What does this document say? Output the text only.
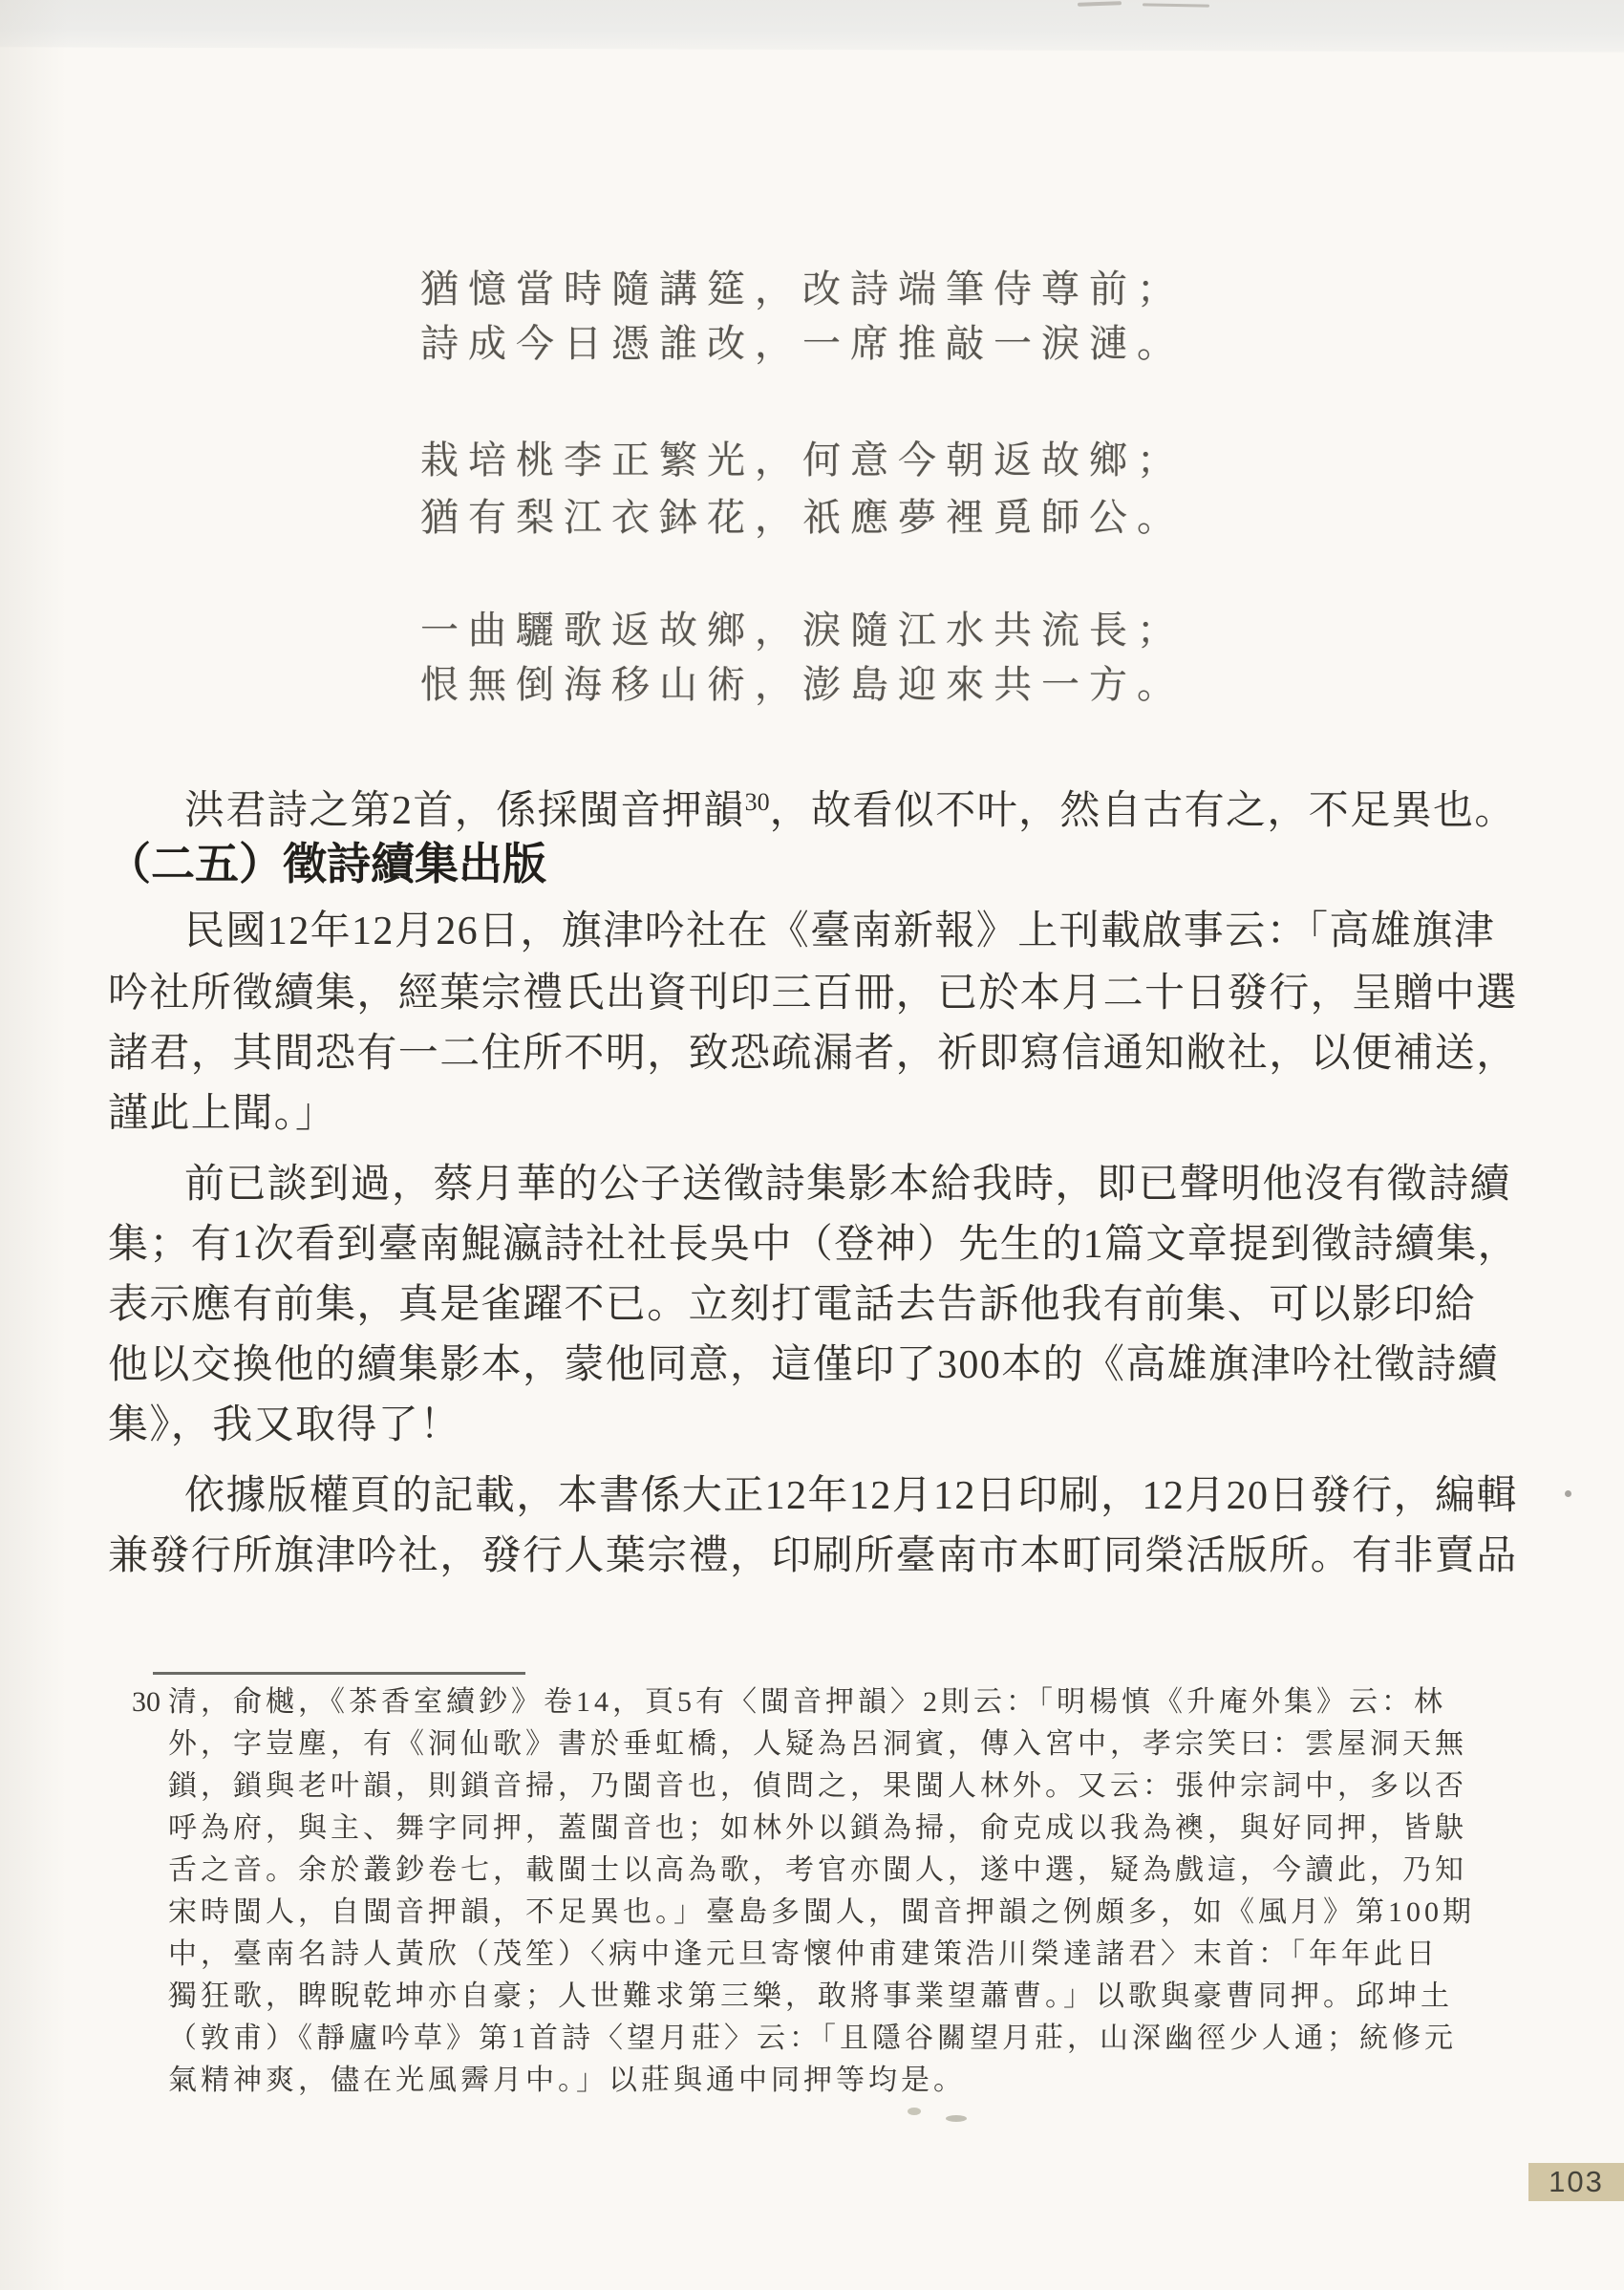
猶憶當時隨講筵，改詩端筆侍尊前；
詩成今日憑誰改，一席推敲一淚漣。
栽培桃李正繁光，何意今朝返故鄉；
猶有梨江衣鉢花，祇應夢裡覓師公。
一曲驪歌返故鄉，淚隨江水共流長；
恨無倒海移山術，澎島迎來共一方。
洪君詩之第2首，係採閩音押韻$^{30}$，故看似不叶，然自古有之，不足異也。
（二五）徵詩續集出版
民國12年12月26日，旗津吟社在《臺南新報》上刊載啟事云：「高雄旗津
吟社所徵續集，經葉宗禮氏出資刊印三百冊，已於本月二十日發行，呈贈中選
諸君，其間恐有一二住所不明，致恐疏漏者，祈即寫信通知敝社，以便補送，
謹此上聞。」
前已談到過，蔡月華的公子送徵詩集影本給我時，即已聲明他沒有徵詩續
集；有1次看到臺南鯤瀛詩社社長吳中（登神）先生的1篇文章提到徵詩續集，
表示應有前集，真是雀躍不已。立刻打電話去告訴他我有前集、可以影印給
他以交換他的續集影本，蒙他同意，這僅印了300本的《高雄旗津吟社徵詩續
集》，我又取得了！
依據版權頁的記載，本書係大正12年12月12日印刷，12月20日發行，編輯
兼發行所旗津吟社，發行人葉宗禮，印刷所臺南市本町同榮活版所。有非賣品
30 清，俞樾，《茶香室續鈔》卷14，頁5有〈閩音押韻〉2則云：「明楊慎《升庵外集》云：林
外，字豈塵，有《洞仙歌》書於垂虹橋，人疑為呂洞賓，傳入宮中，孝宗笑曰：雲屋洞天無
鎖，鎖與老叶韻，則鎖音掃，乃閩音也，偵問之，果閩人林外。又云：張仲宗詞中，多以否
呼為府，與主、舞字同押，蓋閩音也；如林外以鎖為掃，俞克成以我為襖，與好同押，皆鴃
舌之音。余於叢鈔卷七，載閩士以高為歌，考官亦閩人，遂中選，疑為戲這，今讀此，乃知
宋時閩人，自閩音押韻，不足異也。」臺島多閩人，閩音押韻之例頗多，如《風月》第100期
中，臺南名詩人黃欣（茂笙）〈病中逢元旦寄懷仲甫建策浩川榮達諸君〉末首：「年年此日
獨狂歌，睥睨乾坤亦自豪；人世難求第三樂，敢將事業望蕭曹。」以歌與豪曹同押。邱坤土
（敦甫）《靜廬吟草》第1首詩〈望月莊〉云：「且隱谷關望月莊，山深幽徑少人通；統修元
氣精神爽，儘在光風霽月中。」以莊與通中同押等均是。
103
